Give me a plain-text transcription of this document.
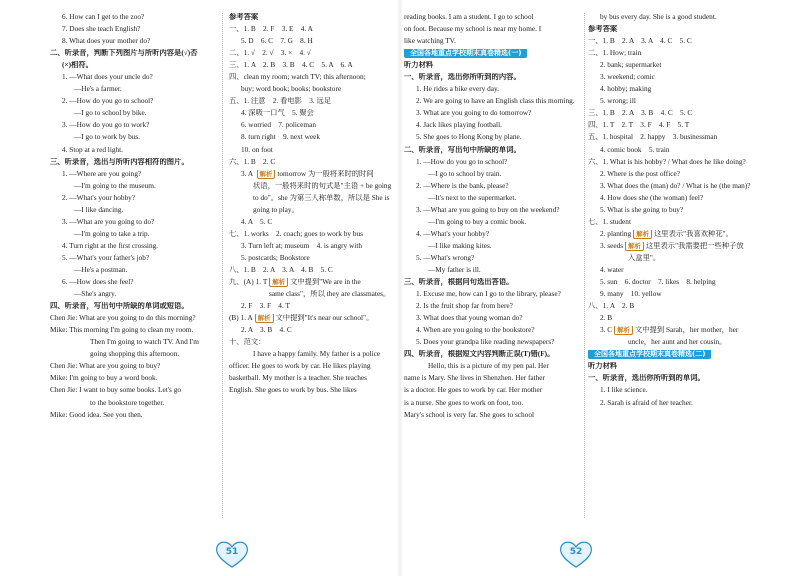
6. How can I get to the zoo?
7. Does she teach English?
8. What does your mother do?
二、听录音，判断下列图片与所听内容是(√)否
(×)相符。
1. —What does your uncle do?
—He's a farmer.
2. —How do you go to school?
—I go to school by bike.
3. —How do you go to work?
—I go to work by bus.
4. Stop at a red light.
三、听录音，选出与所听内容相符的图片。
1. —Where are you going?
—I'm going to the museum.
2. —What's your hobby?
—I like dancing.
3. —What are you going to do?
—I'm going to take a trip.
4. Turn right at the first crossing.
5. —What's your father's job?
—He's a postman.
6. —How does she feel?
—She's angry.
四、听录音，写出句中所缺的单词或短语。
Chen Jie: What are you going to do this morning?
Mike: This morning I'm going to clean my room.
Then I'm going to watch TV. And I'm
going shopping this afternoon.
Chen Jie: What are you going to buy?
Mike: I'm going to buy a word book.
Chen Jie: I want to buy some books. Let's go
to the bookstore together.
Mike: Good idea. See you then.
参考答案
一、1. B　2. F　3. E　4. A
5. D　6. C　7. G　8. H
二、1. √　2. √　3. ×　4. √
三、1. A　2. B　3. B　4. C　5. A　6. A
四、clean my room; watch TV; this afternoon;
buy; word book; books; bookstore
五、1. 注意　2. 看电影　3. 远足
4. 深吸一口气　5. 聚会
6. worried　7. policeman
8. turn right　9. next week
10. on foot
六、1. B　2. C
3. A 解析 tomorrow 为一般将来时的时间
状语，一般将来时的句式是"主语 + be going
to do"。she 为第三人称单数，所以是 She is
going to play。
4. A　5. C
七、1. works　2. coach; goes to work by bus
3. Turn left at; museum　4. is angry with
5. postcards; Bookstore
八、1. B　2. A　3. A　4. B　5. C
九、(A) 1. T 解析 文中提到"We are in the
same class"，所以 they are classmates。
2. F　3. F　4. T
(B) 1. A 解析 文中提到"It's near our school"。
2. A　3. B　4. C
十、范文：
I have a happy family. My father is a police
officer. He goes to work by car. He likes playing
basketball. My mother is a teacher. She teaches
English. She goes to work by bus. She likes
51
reading books. I am a student. I go to school
on foot. Because my school is near my home. I
like watching TV.
全国各地重点学校期末真卷精选(一)
听力材料
一、听录音，选出你所听到的内容。
1. He rides a bike every day.
2. We are going to have an English class this morning.
3. What are you going to do tomorrow?
4. Jack likes playing football.
5. She goes to Hong Kong by plane.
二、听录音，写出句中所缺的单词。
1. —How do you go to school?
—I go to school by train.
2. —Where is the bank, please?
—It's next to the supermarket.
3. —What are you going to buy on the weekend?
—I'm going to buy a comic book.
4. —What's your hobby?
—I like making kites.
5. —What's wrong?
—My father is ill.
三、听录音，根据问句选出答语。
1. Excuse me, how can I go to the library, please?
2. Is the fruit shop far from here?
3. What does that young woman do?
4. When are you going to the bookstore?
5. Does your grandpa like reading newspapers?
四、听录音，根据短文内容判断正误(T)错(F)。
Hello, this is a picture of my pen pal. Her
name is Mary. She lives in Shenzhen. Her father
is a doctor. He goes to work by car. Her mother
is a nurse. She goes to work on foot, too.
Mary's school is very far. She goes to school
by bus every day. She is a good student.
参考答案
一、1. B　2. A　3. A　4. C　5. C
二、1. How; train
2. bank; supermarket
3. weekend; comic
4. hobby; making
5. wrong; ill
三、1. B　2. A　3. B　4. C　5. C
四、1. T　2. T　3. F　4. F　5. T
五、1. hospital　2. happy　3. businessman
4. comic book　5. train
六、1. What is his hobby? / What does he like doing?
2. Where is the post office?
3. What does the (man) do? / What is he (the man)?
4. How does she (the woman) feel?
5. What is she going to buy?
七、1. student
2. planting 解析 这里表示"我喜欢种花"。
3. seeds 解析 这里表示"我需要把一些种子放
入盒里"。
4. water
5. sun　6. doctor　7. likes　8. helping
9. many　10. yellow
八、1. A　2. B
2. B
3. C 解析 文中提到 Sarah，her mother，her
uncle，her aunt and her cousin。
全国各地重点学校期末真卷精选(二)
听力材料
一、听录音，选出你所听到的单词。
1. I like science.
2. Sarah is afraid of her teacher.
52
